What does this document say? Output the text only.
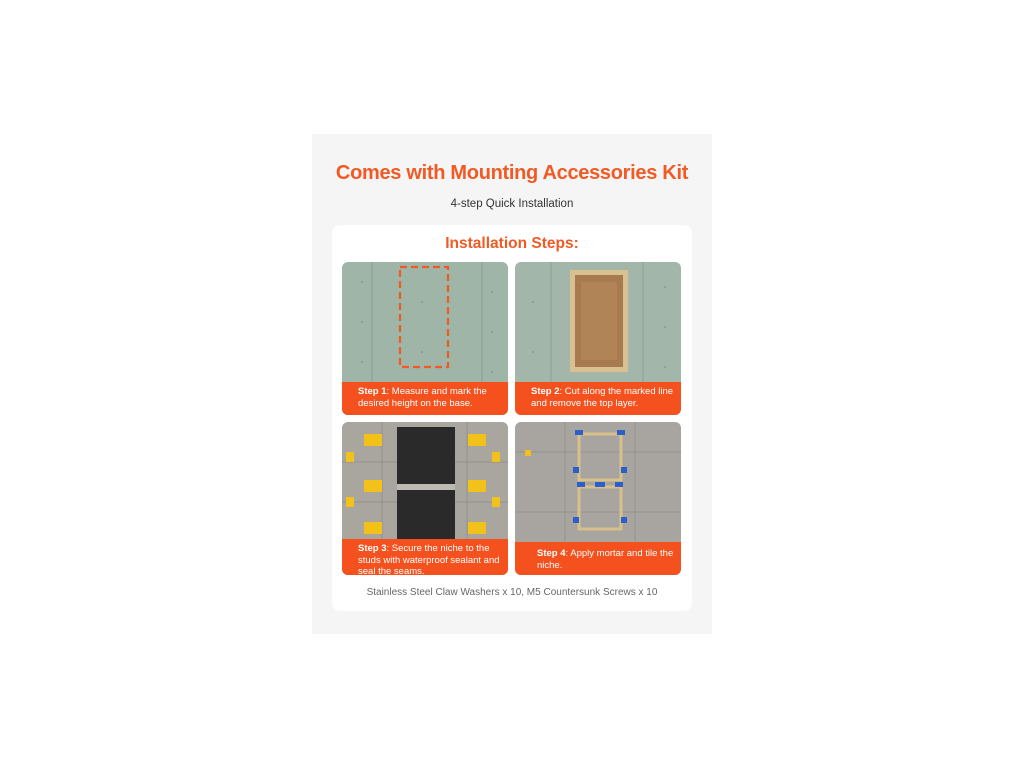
Comes with Mounting Accessories Kit
4-step Quick Installation
Installation Steps:
Step 1: Measure and mark the desired height on the base.
Step 2: Cut along the marked line and remove the top layer.
Step 3: Secure the niche to the studs with waterproof sealant and seal the seams.
Step 4: Apply mortar and tile the niche.
Stainless Steel Claw Washers x 10, M5 Countersunk Screws x 10
